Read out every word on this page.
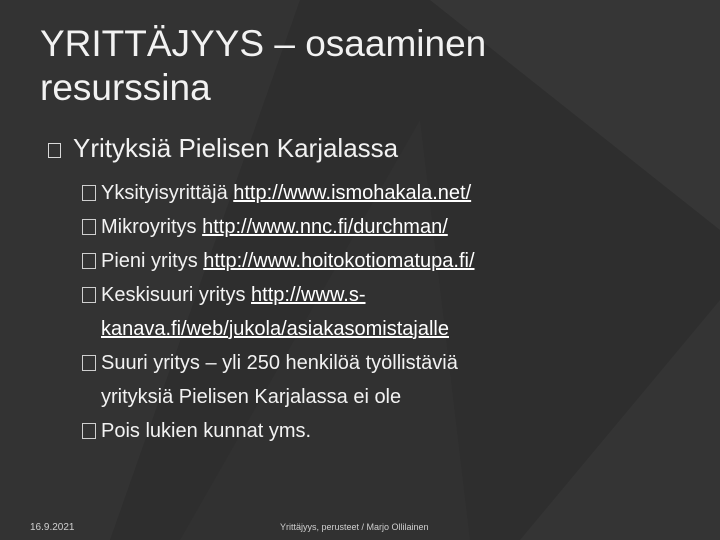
YRITTÄJYYS – osaaminen
resurssina
Yrityksiä Pielisen Karjalassa
Yksityisyrittäjä http://www.ismohakala.net/
Mikroyritys http://www.nnc.fi/durchman/
Pieni yritys http://www.hoitokotiomatupa.fi/
Keskisuuri yritys http://www.s-
kanava.fi/web/jukola/asiakasomistajalle
Suuri yritys – yli 250 henkilöä työllistäviä
yrityksiä Pielisen Karjalassa ei ole
Pois lukien kunnat yms.
16.9.2021	Yrittäjyys, perusteet / Marjo Ollilainen
